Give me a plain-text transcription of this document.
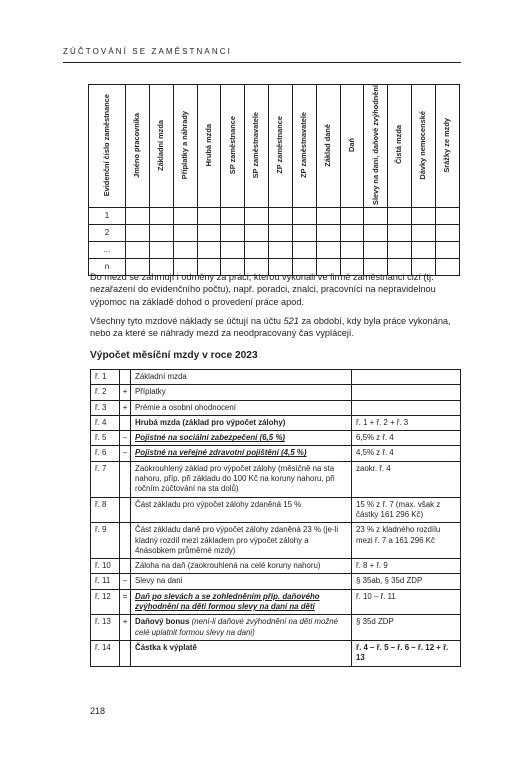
ZÚČTOVÁNÍ SE ZAMĚSTNANCI
Evidenční číslo zaměstnance	Jméno pracovníka	Základní mzda	Příplatky a náhrady	Hrubá mzda	SP zaměstnance	SP zaměstnavatele	ZP zaměstnance	ZP zaměstnavatele	Základ daně	Daň	Slevy na dani, daňové zvýhodnění	Čistá mzda	Dávky nemocenské	Srážky ze mzdy
1														
2														
...														
n														

Do mezd se zahrnují i odměny za práci, kterou vykonali ve firmě zaměstnanci cizí (tj. nezařazení do evidenčního počtu), např. poradci, znalci, pracovníci na nepravidelnou výpomoc na základě dohod o provedení práce apod.

Všechny tyto mzdové náklady se účtují na účtu 521 za období, kdy byla práce vykonána, nebo za které se náhrady mezd za neodpracovaný čas vyplácejí.

Výpočet měsíční mzdy v roce 2023
ř. 1		Základní mzda	
ř. 2	+	Příplatky	
ř. 3	+	Prémie a osobní ohodnocení	
ř. 4		Hrubá mzda (základ pro výpočet zálohy)	ř. 1 + ř. 2 + ř. 3
ř. 5	–	Pojistné na sociální zabezpečení (6,5 %)	6,5% z ř. 4
ř. 6	–	Pojistné na veřejné zdravotní pojištění (4,5 %)	4,5% z ř. 4
ř. 7		Zaokrouhlený základ pro výpočet zálohy (měsíčně na sta nahoru, příp. při základu do 100 Kč na koruny nahoru, při ročním zúčtování na sta dolů)	zaokr. ř. 4
ř. 8		Část základu pro výpočet zálohy zdaněná 15 %	15 % z ř. 7 (max. však z částky 161 296 Kč)
ř. 9		Část základu daně pro výpočet zálohy zdaněná 23 % (je-li kladný rozdíl mezi základem pro výpočet zálohy a 4násobkem průměrné mzdy)	23 % z kladného rozdílu mezi ř. 7 a 161 296 Kč
ř. 10		Záloha na daň (zaokrouhlená na celé koruny nahoru)	ř. 8 + ř. 9
ř. 11	–	Slevy na dani	§ 35ab, § 35d ZDP
ř. 12	=	Daň po slevách a se zohledněním příp. daňového zvýhodnění na děti formou slevy na dani na děti	ř. 10 – ř. 11
ř. 13	+	Daňový bonus (není-li daňové zvýhodnění na děti možné celé uplatnit formou slevy na dani)	§ 35d ZDP
ř. 14		Částka k výplatě	ř. 4 – ř. 5 – ř. 6 – ř. 12 + ř. 13
218
